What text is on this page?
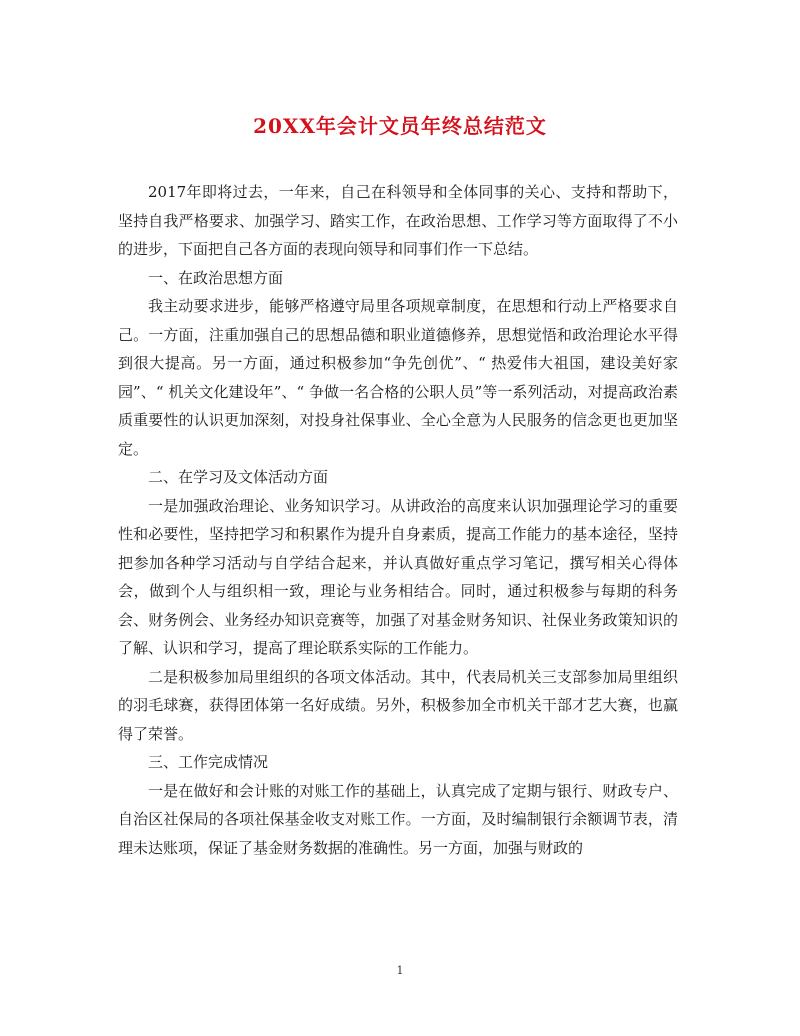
20XX年会计文员年终总结范文

2017年即将过去，一年来，自己在科领导和全体同事的关心、支持和帮助下，坚持自我严格要求、加强学习、踏实工作，在政治思想、工作学习等方面取得了不小的进步，下面把自己各方面的表现向领导和同事们作一下总结。

一、在政治思想方面

我主动要求进步，能够严格遵守局里各项规章制度，在思想和行动上严格要求自己。一方面，注重加强自己的思想品德和职业道德修养，思想觉悟和政治理论水平得到很大提高。另一方面，通过积极参加“争先创优”、“ 热爱伟大祖国，建设美好家园”、“ 机关文化建设年”、“ 争做一名合格的公职人员”等一系列活动，对提高政治素质重要性的认识更加深刻，对投身社保事业、全心全意为人民服务的信念更也更加坚定。

二、在学习及文体活动方面

一是加强政治理论、业务知识学习。从讲政治的高度来认识加强理论学习的重要性和必要性，坚持把学习和积累作为提升自身素质，提高工作能力的基本途径，坚持把参加各种学习活动与自学结合起来，并认真做好重点学习笔记，撰写相关心得体会，做到个人与组织相一致，理论与业务相结合。同时，通过积极参与每期的科务会、财务例会、业务经办知识竞赛等，加强了对基金财务知识、社保业务政策知识的了解、认识和学习，提高了理论联系实际的工作能力。

二是积极参加局里组织的各项文体活动。其中，代表局机关三支部参加局里组织的羽毛球赛，获得团体第一名好成绩。另外，积极参加全市机关干部才艺大赛，也赢得了荣誉。

三、工作完成情况

一是在做好和会计账的对账工作的基础上，认真完成了定期与银行、财政专户、自治区社保局的各项社保基金收支对账工作。一方面，及时编制银行余额调节表，清理未达账项，保证了基金财务数据的准确性。另一方面，加强与财政的

1
